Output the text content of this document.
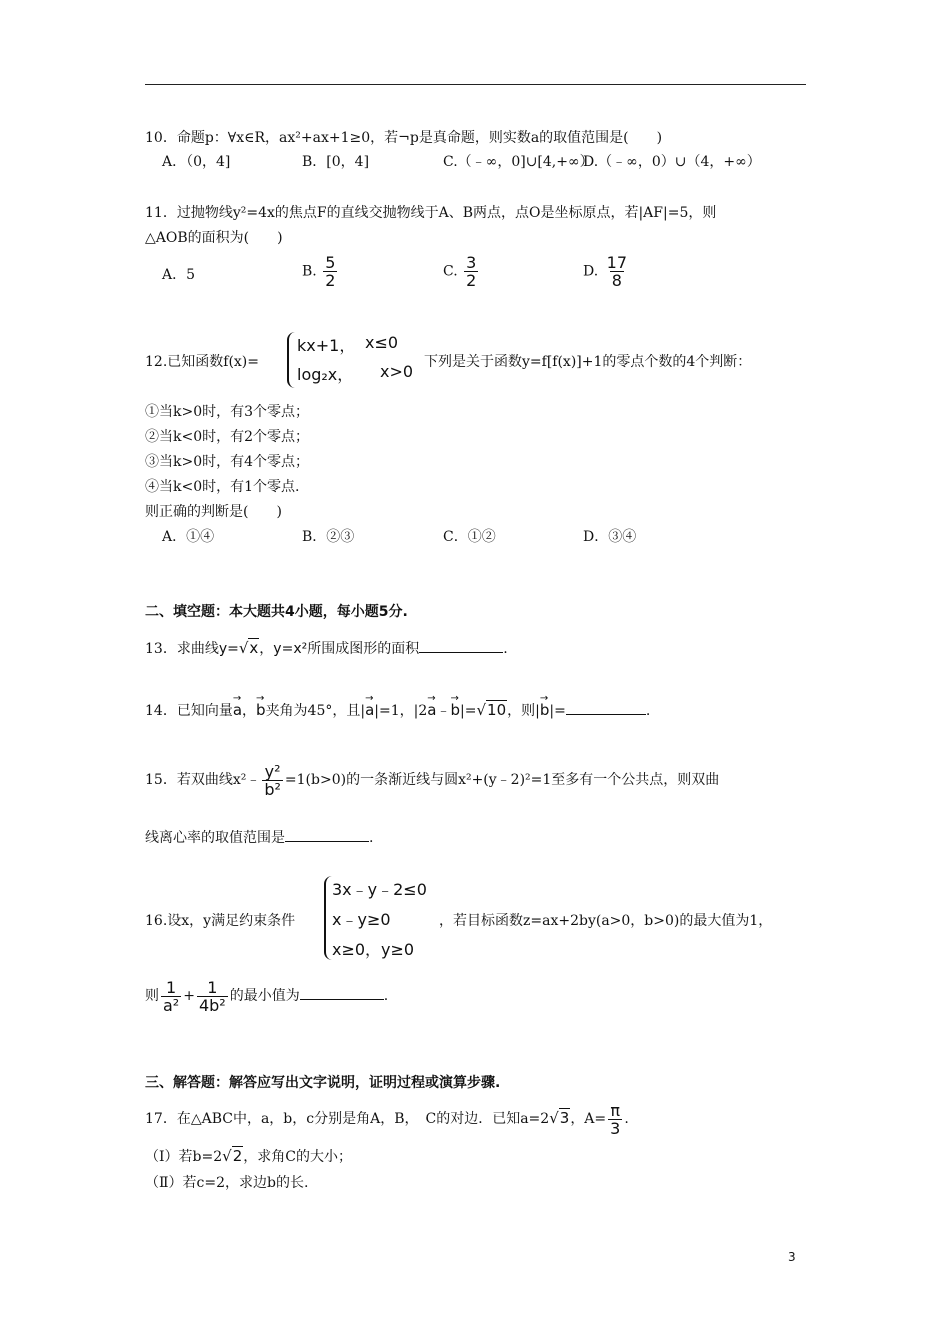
10．命题p：∀x∈R，ax²+ax+1≥0，若¬p是真命题，则实数a的取值范围是(　　)
A．（0，4]	B．[0，4]	C.（﹣∞，0]∪[4,+∞）
D.（﹣∞，0）∪（4，+∞）
11．过抛物线y²=4x的焦点F的直线交抛物线于A、B两点，点O是坐标原点，若|AF|=5，则
△AOB的面积为(　　)
A．5	B. $\frac{5}{2}$	C. $\frac{3}{2}$	D. $\frac{17}{8}$
12.已知函数f(x)=
kx+1， x≤0
log₂x， x>0 下列是关于函数y=f[f(x)]+1的零点个数的4个判断：
①当k>0时，有3个零点；
②当k<0时，有2个零点；
③当k>0时，有4个零点；
④当k<0时，有1个零点.
则正确的判断是(　　)
A．①④	B．②③	C．①②	D．③④
二、填空题：本大题共4小题，每小题5分.
13．求曲线y=√x，y=x²所围成图形的面积	.
14．已知向量→ a，→ b夹角为45°，且|→ a|=1，|2→ a﹣→ b|=√10，则|→ b|=	.
15．若双曲线x²﹣ $\frac{\text{y²}}{\text{b²}} =1(b>0)$的一条渐近线与圆x²+(y﹣2)²=1至多有一个公共点，则双曲
线离心率的取值范围是	.
16.设x，y满足约束条件
3x﹣y﹣2≤0
x﹣y≥0
x≥0，y≥0
，若目标函数z=ax+2by(a>0，b>0)的最大值为1，
则 $\frac{1}{\text{a²}} + \frac{1}{\text{4b²}}$ 的最小值为	.
三、解答题：解答应写出文字说明，证明过程或演算步骤.
17．在△ABC中，a，b，c分别是角A，B，　C的对边．已知a=2√3，$A= \frac{\pi}{3}$ .
（Ⅰ）若b=2√2，求角C的大小；
（Ⅱ）若c=2，求边b的长.
3
